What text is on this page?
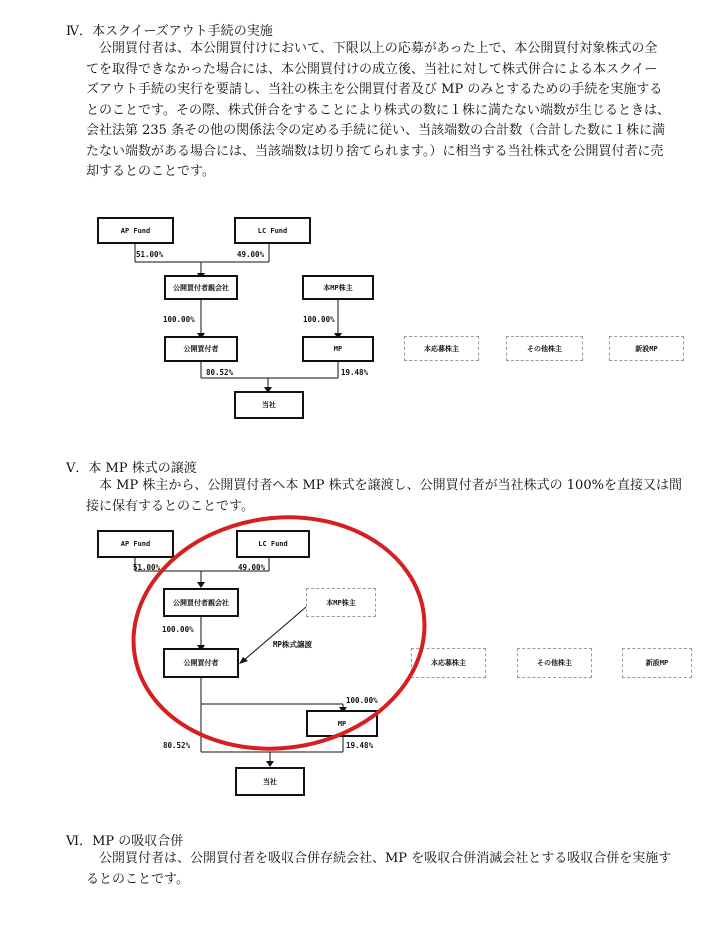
Ⅳ．本スクイーズアウト手続の実施
　公開買付者は、本公開買付けにおいて、下限以上の応募があった上で、本公開買付対象株式の全
てを取得できなかった場合には、本公開買付けの成立後、当社に対して株式併合による本スクイー
ズアウト手続の実行を要請し、当社の株主を公開買付者及び MP のみとするための手続を実施する
とのことです。その際、株式併合をすることにより株式の数に１株に満たない端数が生じるときは、
会社法第 235 条その他の関係法令の定める手続に従い、当該端数の合計数（合計した数に１株に満
たない端数がある場合には、当該端数は切り捨てられます。）に相当する当社株式を公開買付者に売
却するとのことです。
AP Fund	LC Fund
51.00%	49.00%
公開買付者親会社	本MP株主
100.00%	100.00%
公開買付者	MP	本応募株主	その他株主	新設MP
80.52%	19.48%
当社
Ⅴ．本 MP 株式の譲渡
　本 MP 株主から、公開買付者へ本 MP 株式を譲渡し、公開買付者が当社株式の 100%を直接又は間
接に保有するとのことです。
AP Fund	LC Fund
51.00%	49.00%
公開買付者親会社	本MP株主
100.00%
MP株式譲渡
公開買付者	本応募株主	その他株主	新設MP
100.00%
MP
80.52%	19.48%
当社
Ⅵ．MP の吸収合併
　公開買付者は、公開買付者を吸収合併存続会社、MP を吸収合併消滅会社とする吸収合併を実施す
るとのことです。
